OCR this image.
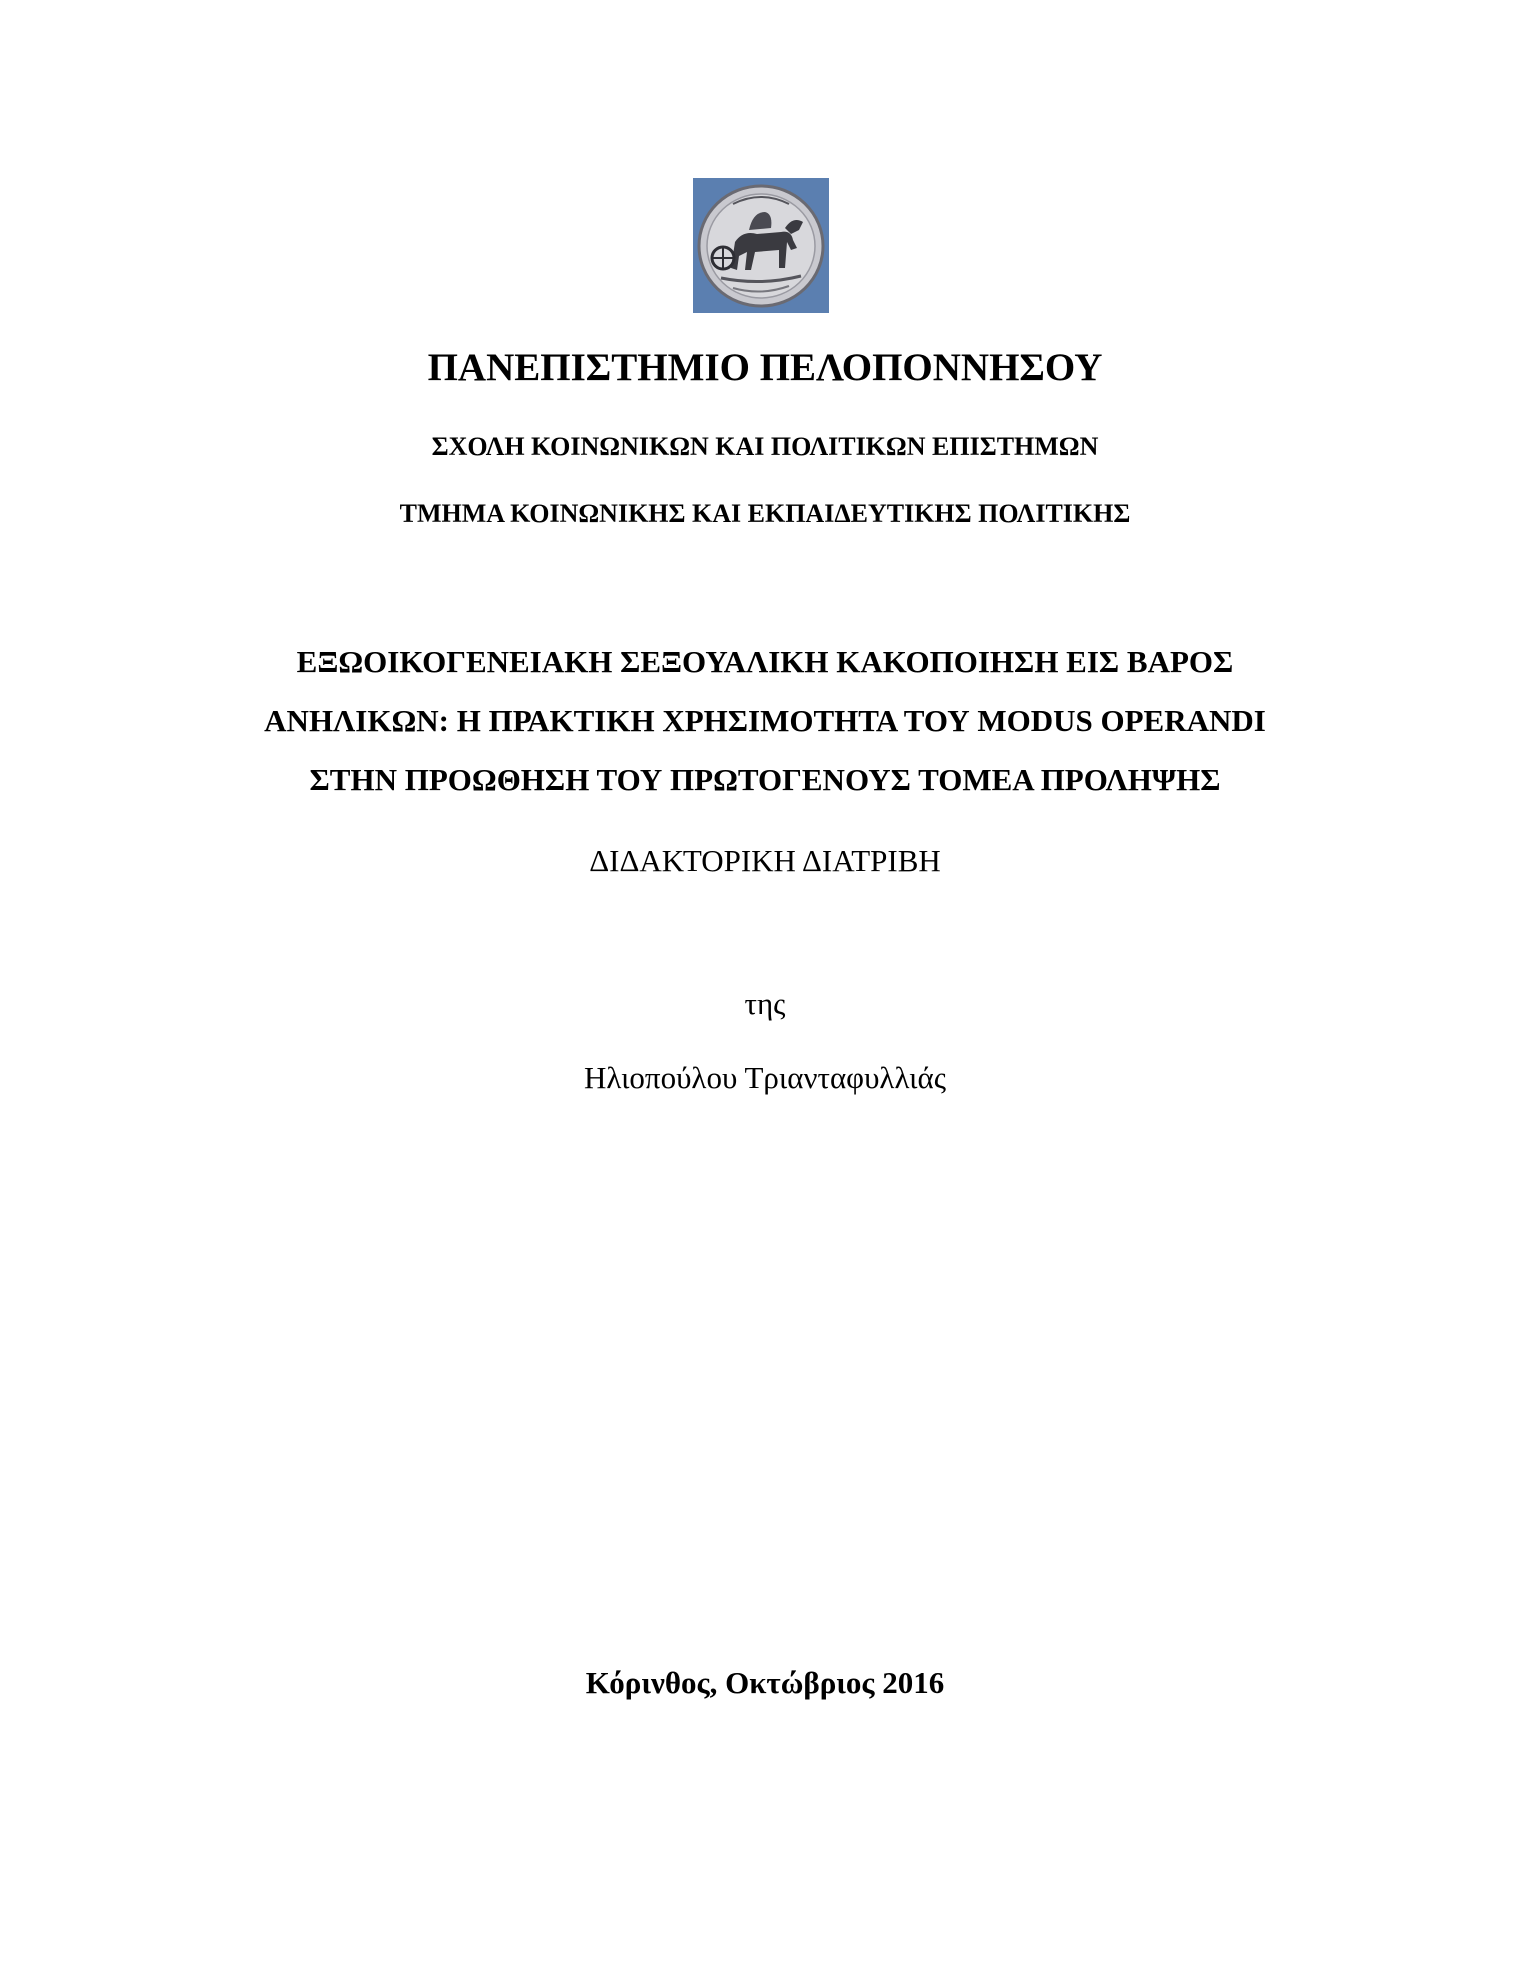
ΠΑΝΕΠΙΣΤΗΜΙΟ ΠΕΛΟΠΟΝΝΗΣΟΥ
ΣΧΟΛΗ ΚΟΙΝΩΝΙΚΩΝ ΚΑΙ ΠΟΛΙΤΙΚΩΝ ΕΠΙΣΤΗΜΩΝ
ΤΜΗΜΑ ΚΟΙΝΩΝΙΚΗΣ ΚΑΙ ΕΚΠΑΙΔΕΥΤΙΚΗΣ ΠΟΛΙΤΙΚΗΣ
ΕΞΩΟΙΚΟΓΕΝΕΙΑΚΗ ΣΕΞΟΥΑΛΙΚΗ ΚΑΚΟΠΟΙΗΣΗ ΕΙΣ ΒΑΡΟΣ
ΑΝΗΛΙΚΩΝ: Η ΠΡΑΚΤΙΚΗ ΧΡΗΣΙΜΟΤΗΤΑ ΤΟΥ MODUS OPERANDI
ΣΤΗΝ ΠΡΟΩΘΗΣΗ ΤΟΥ ΠΡΩΤΟΓΕΝΟΥΣ ΤΟΜΕΑ ΠΡΟΛΗΨΗΣ
ΔΙΔΑΚΤΟΡΙΚΗ ΔΙΑΤΡΙΒΗ
της
Ηλιοπούλου Τριανταφυλλιάς
Κόρινθος, Οκτώβριος 2016
